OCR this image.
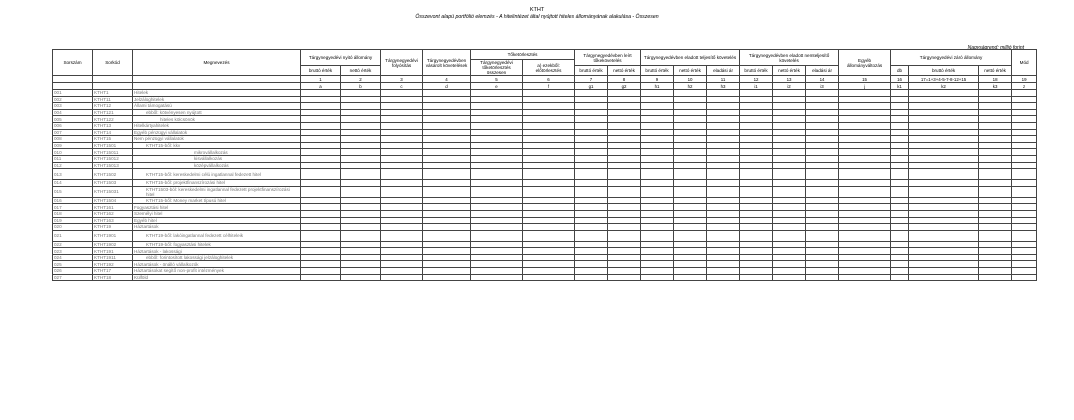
KTHT
Összevont alapú portfólió elemzés - A hitelintézet által nyújtott hiteles állományának alakulása - Összesen
Nagyságrend: millió forint
Sorszám	Sorkód	Megnevezés	Tárgynegyedévi nyitó állomány		Tárgynegyedévi folyósítás	Tárgynegyedévben vásárolt követelések	Tőketörlesztés		Tárgynegyedévben leírt tőkekövetelés		Tárgynegyedévben eladott teljesítő követelés			Tárgynegyedévben eladott nemteljesítő követelés			Egyéb állományváltozás	Tárgynegyedévi záró állomány			Mód
							Tárgynegyedévi tőketörlesztés összesen	a) ezekből: előtörlesztés													
			bruttó érték	nettó érték					bruttó érték	nettó érték	bruttó érték	nettó érték	eladási ár	bruttó érték	nettó érték	eladási ár		db	bruttó érték	nettó érték	
			1	2	3	4	5	6	7	8	9	10	11	12	13	14	15	16	17=1+3+4-5-7-8-12+15	18	19
			a	b	c	d	e	f	g1	g2	h1	h2	h3	i1	i2	i3	j	k1	k2	k3	z
001	KTHT1	Hitelek																			
002	KTHT11	Jelzáloghitelek																			
003	KTHT12	Állami támogatású																			
004	KTHT121	ebből: kötvényesen nyújtott																			
005	KTHT122	hiteles kölcsönök																			
006	KTHT13	Hitelkártyahitelek																			
007	KTHT14	Egyéb pénzügyi vállalatok																			
008	KTHT15	Nem pénzügyi vállalatok																			
009	KTHT1501	KTHT15-ből: kkv																			
010	KTHT15011	mikrovállalkozás																			
011	KTHT15012	kisvállalkozás																			
012	KTHT15013	középvállalkozás																			
013	KTHT1502	KTHT15-ből: kereskedelmi célú ingatlannal fedezett hitel																			
014	KTHT1503	KTHT15-ből: projektfinanszírozási hitel																			
015	KTHT15031	KTHT1503-ból: kereskedelmi ingatlannal fedezett projektfinanszírozási hitel																			
016	KTHT1504	KTHT15-ből: Money market típusú hitel																			
017	KTHT161	Fogyasztási hitel																			
018	KTHT162	Személyi hitel																			
019	KTHT163	Egyéb hitel																			
020	KTHT19	Háztartások																			
021	KTHT1901	KTHT19-ből: lakóingatlannal fedezett célhiteleik																			
022	KTHT1902	KTHT19-ből: fogyasztási hitelek																			
023	KTHT191	Háztartások - lakossági																			
024	KTHT1911	ebből: forintosított lakossági jelzáloghitelek																			
025	KTHT192	Háztartások - önálló vállalkozók																			
026	KTHT17	Háztartásokat segítő non-profit intézmények																			
027	KTHT18	Külföld																			
